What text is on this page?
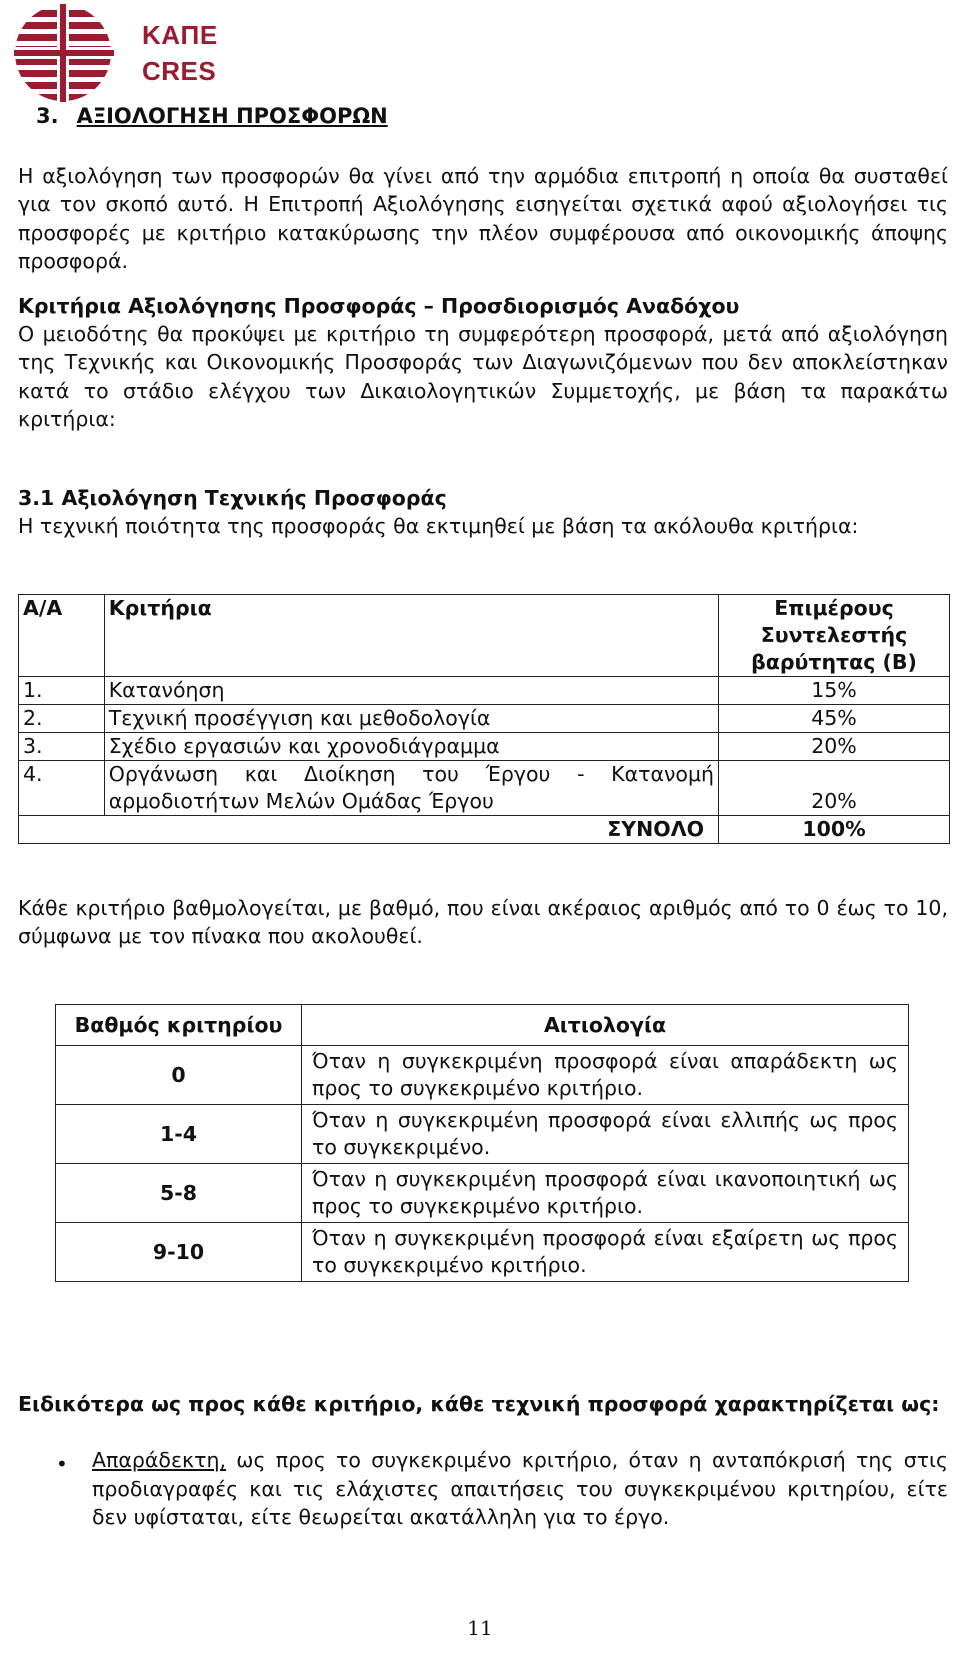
ΚΑΠΕ
CRES
3. ΑΞΙΟΛΟΓΗΣΗ ΠΡΟΣΦΟΡΩΝ

Η αξιολόγηση των προσφορών θα γίνει από την αρμόδια επιτροπή η οποία θα συσταθεί για τον σκοπό αυτό. Η Επιτροπή Αξιολόγησης εισηγείται σχετικά αφού αξιολογήσει τις προσφορές με κριτήριο κατακύρωσης την πλέον συμφέρουσα από οικονομικής άποψης προσφορά.

Κριτήρια Αξιολόγησης Προσφοράς – Προσδιορισμός Αναδόχου

Ο μειοδότης θα προκύψει με κριτήριο τη συμφερότερη προσφορά, μετά από αξιολόγηση της Τεχνικής και Οικονομικής Προσφοράς των Διαγωνιζόμενων που δεν αποκλείστηκαν κατά το στάδιο ελέγχου των Δικαιολογητικών Συμμετοχής, με βάση τα παρακάτω κριτήρια:

3.1 Αξιολόγηση Τεχνικής Προσφοράς

Η τεχνική ποιότητα της προσφοράς θα εκτιμηθεί με βάση τα ακόλουθα κριτήρια:

Α/Α	Κριτήρια	Επιμέρους Συντελεστής βαρύτητας (Β)
1.	Κατανόηση	15%
2.	Τεχνική προσέγγιση και μεθοδολογία	45%
3.	Σχέδιο εργασιών και χρονοδιάγραμμα	20%
4.	Οργάνωση και Διοίκηση του Έργου - Κατανομή αρμοδιοτήτων Μελών Ομάδας Έργου	20%
ΣΥΝΟΛΟ		100%

Κάθε κριτήριο βαθμολογείται, με βαθμό, που είναι ακέραιος αριθμός από το 0 έως το 10, σύμφωνα με τον πίνακα που ακολουθεί.

Βαθμός κριτηρίου	Αιτιολογία
0	Όταν η συγκεκριμένη προσφορά είναι απαράδεκτη ως προς το συγκεκριμένο κριτήριο.
1-4	Όταν η συγκεκριμένη προσφορά είναι ελλιπής ως προς το συγκεκριμένο.
5-8	Όταν η συγκεκριμένη προσφορά είναι ικανοποιητική ως προς το συγκεκριμένο κριτήριο.
9-10	Όταν η συγκεκριμένη προσφορά είναι εξαίρετη ως προς το συγκεκριμένο κριτήριο.

Ειδικότερα ως προς κάθε κριτήριο, κάθε τεχνική προσφορά χαρακτηρίζεται ως:

• Απαράδεκτη, ως προς το συγκεκριμένο κριτήριο, όταν η ανταπόκρισή της στις προδιαγραφές και τις ελάχιστες απαιτήσεις του συγκεκριμένου κριτηρίου, είτε δεν υφίσταται, είτε θεωρείται ακατάλληλη για το έργο.
11
